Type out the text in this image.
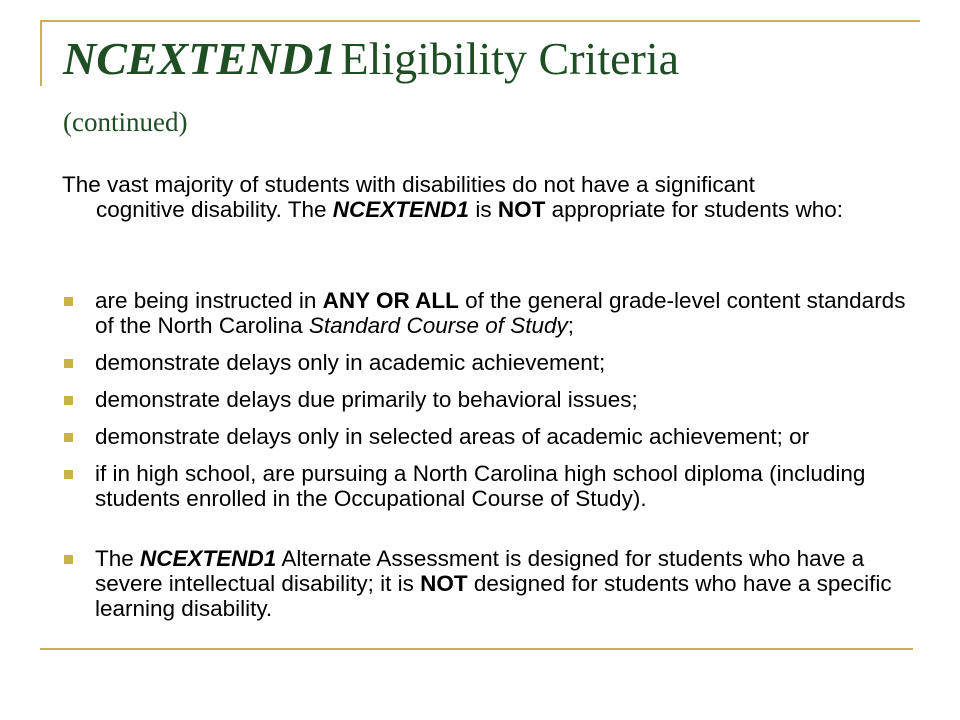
NCEXTEND1 Eligibility Criteria
(continued)
The vast majority of students with disabilities do not have a significant
cognitive disability. The NCEXTEND1 is NOT appropriate for students who:
are being instructed in ANY OR ALL of the general grade-level content standards of the North Carolina Standard Course of Study;
demonstrate delays only in academic achievement;
demonstrate delays due primarily to behavioral issues;
demonstrate delays only in selected areas of academic achievement; or
if in high school, are pursuing a North Carolina high school diploma (including students enrolled in the Occupational Course of Study).
The NCEXTEND1 Alternate Assessment is designed for students who have a severe intellectual disability; it is NOT designed for students who have a specific learning disability.
